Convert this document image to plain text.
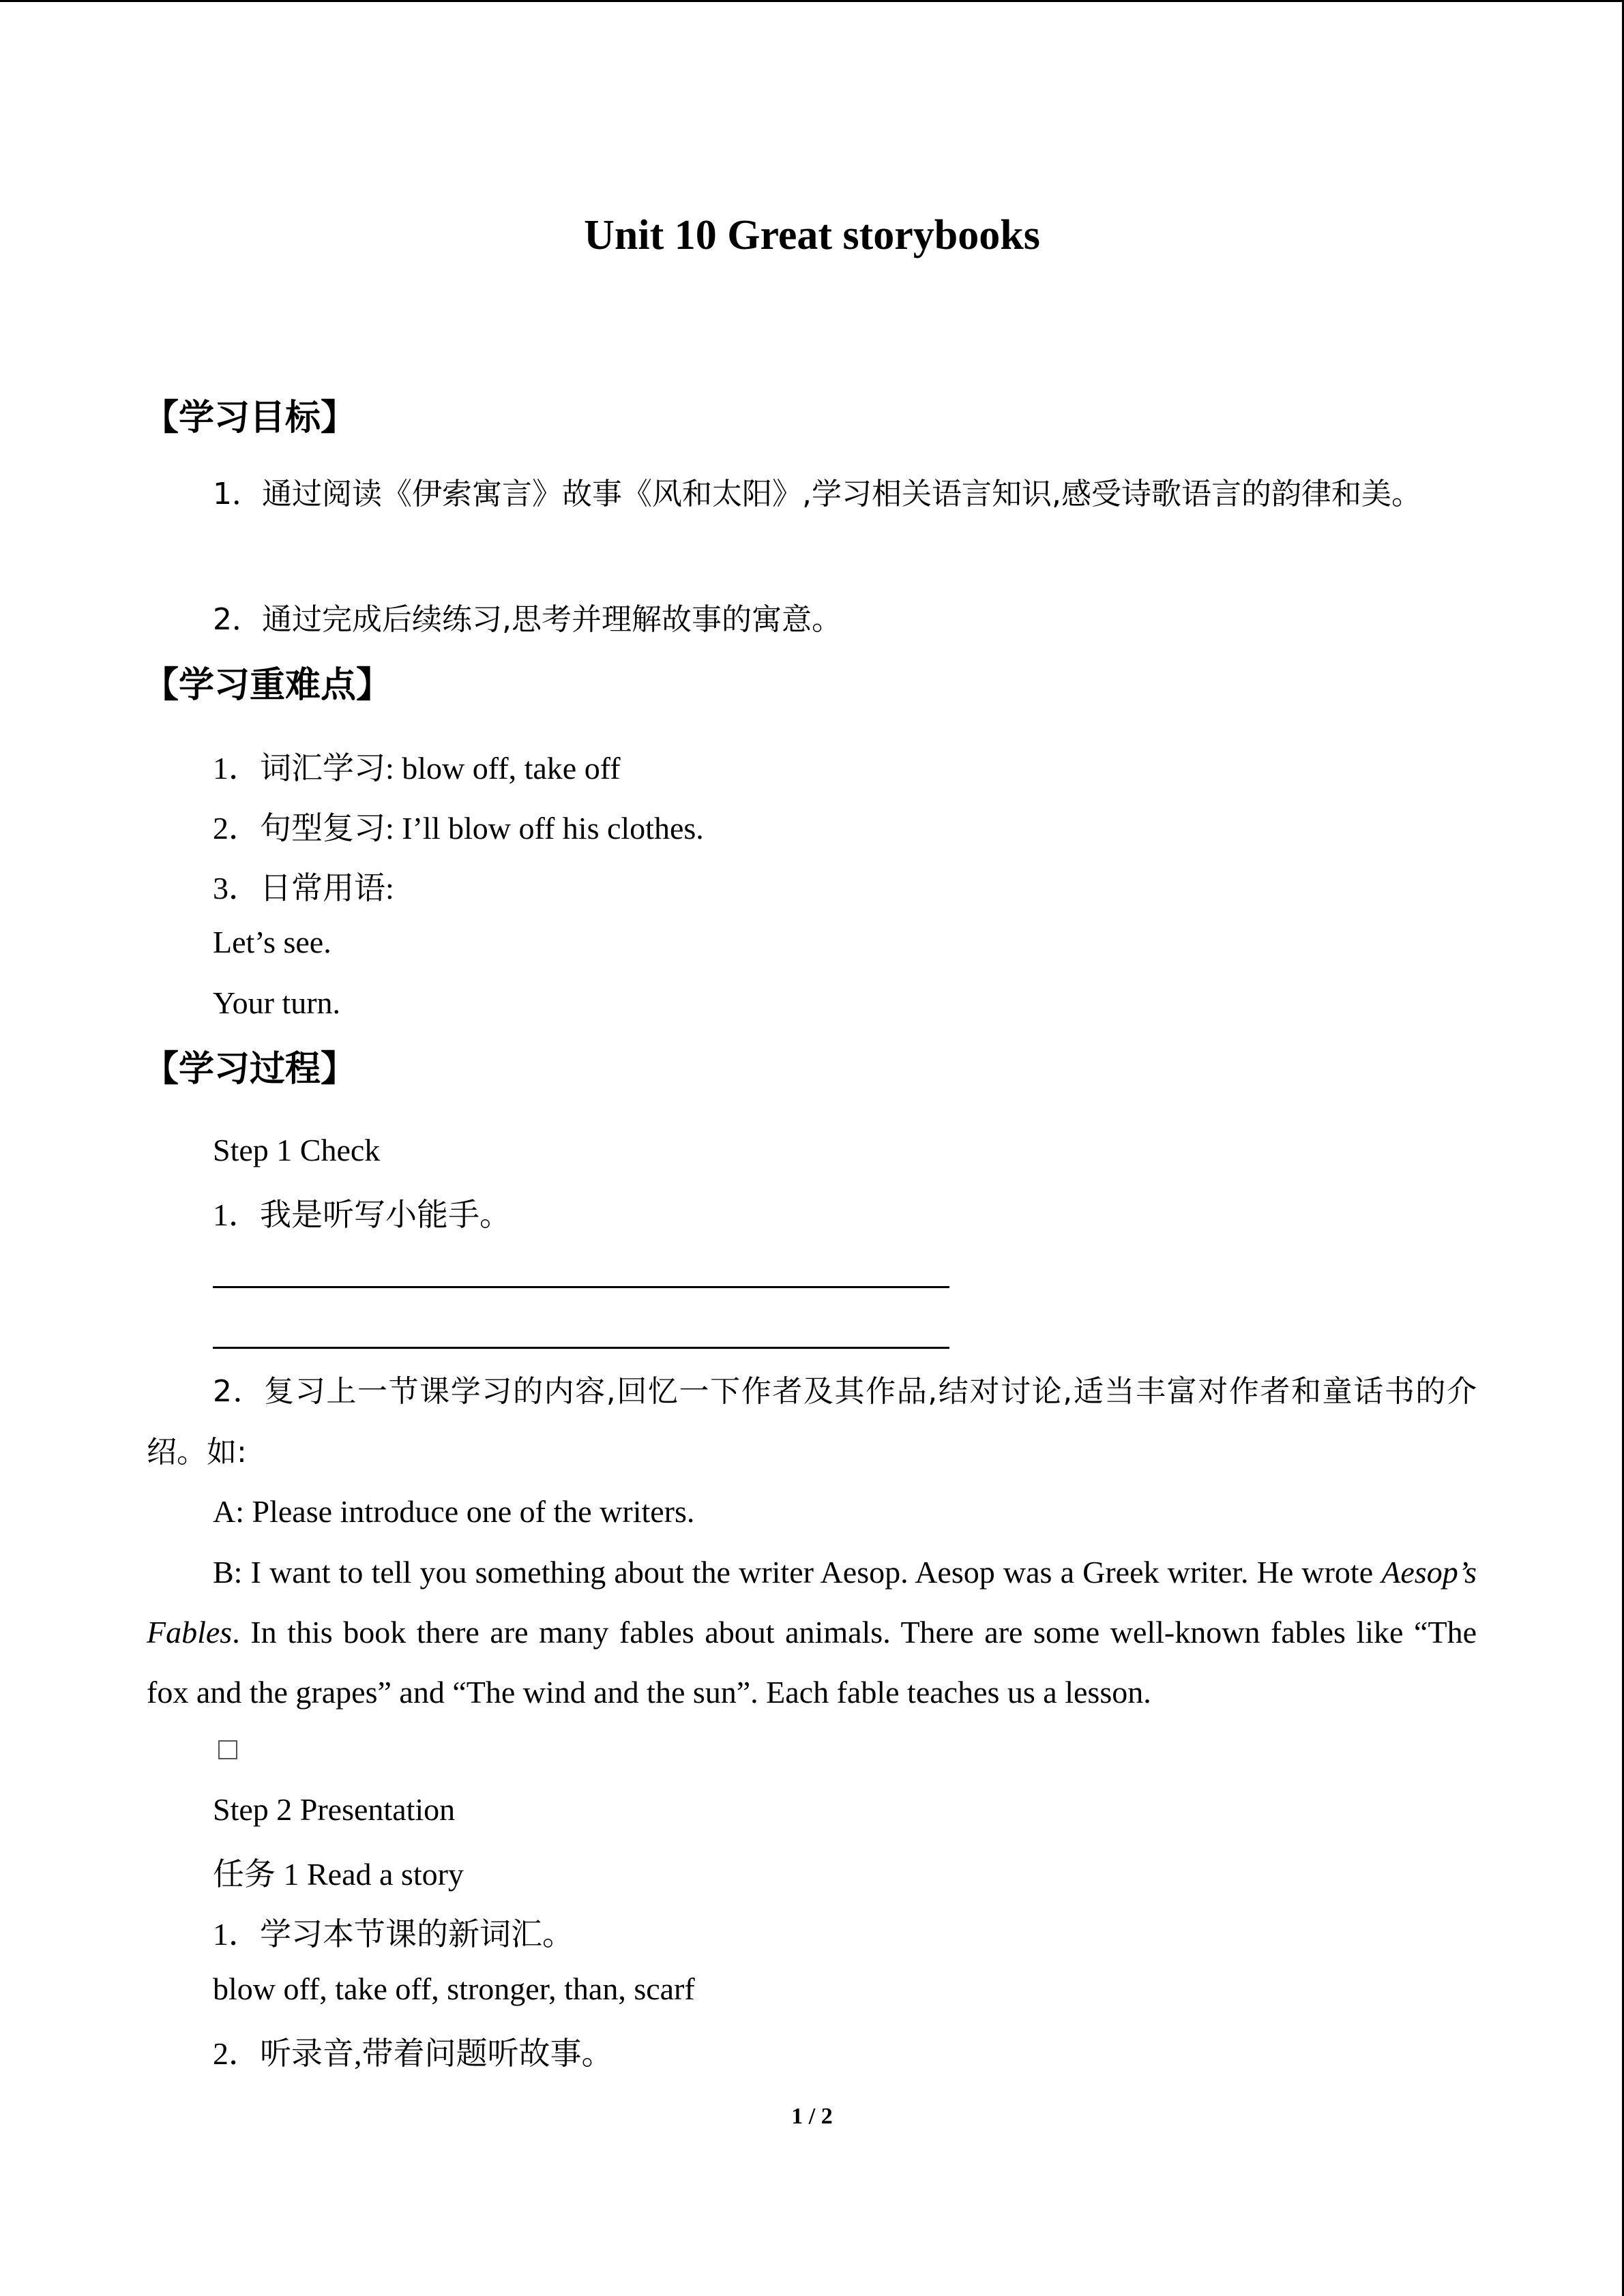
Unit 10 Great storybooks
【学习目标】
1．通过阅读《伊索寓言》故事《风和太阳》,学习相关语言知识,感受诗歌语言的韵律和美。
2．通过完成后续练习,思考并理解故事的寓意。
【学习重难点】
1．词汇学习: blow off, take off
2．句型复习: I’ll blow off his clothes.
3．日常用语:
Let’s see.
Your turn.
【学习过程】
Step 1 Check
1．我是听写小能手。
2．复习上一节课学习的内容,回忆一下作者及其作品,结对讨论,适当丰富对作者和童话书的介绍。如:
A: Please introduce one of the writers.
B: I want to tell you something about the writer Aesop. Aesop was a Greek writer. He wrote Aesop’s Fables. In this book there are many fables about animals. There are some well-known fables like “The fox and the grapes” and “The wind and the sun”. Each fable teaches us a lesson.
Step 2 Presentation
任务 1 Read a story
1．学习本节课的新词汇。
blow off, take off, stronger, than, scarf
2．听录音,带着问题听故事。
1 / 2
